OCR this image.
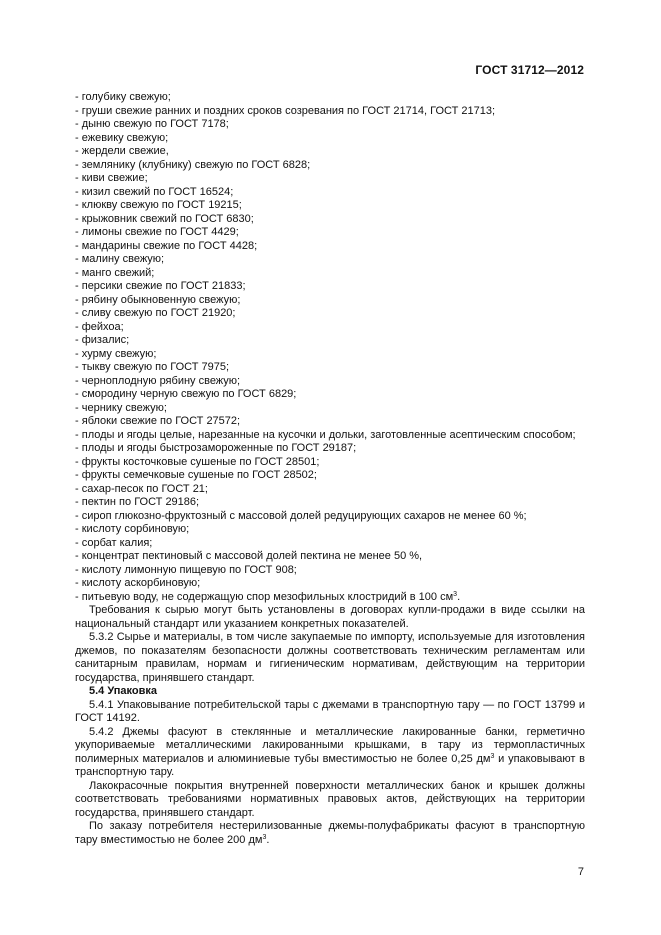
ГОСТ 31712—2012
- голубику свежую;
- груши свежие ранних и поздних сроков созревания по ГОСТ 21714, ГОСТ 21713;
- дыню свежую по ГОСТ 7178;
- ежевику свежую;
- жердели свежие,
- землянику (клубнику) свежую по ГОСТ 6828;
- киви свежие;
- кизил свежий по ГОСТ 16524;
- клюкву свежую по ГОСТ 19215;
- крыжовник свежий по ГОСТ 6830;
- лимоны свежие по ГОСТ 4429;
- мандарины свежие по ГОСТ 4428;
- малину свежую;
- манго свежий;
- персики свежие по ГОСТ 21833;
- рябину обыкновенную свежую;
- сливу свежую по ГОСТ 21920;
- фейхоа;
- физалис;
- хурму свежую;
- тыкву свежую по ГОСТ 7975;
- черноплодную рябину свежую;
- смородину черную свежую по ГОСТ 6829;
- чернику свежую;
- яблоки свежие по ГОСТ 27572;
- плоды и ягоды целые, нарезанные на кусочки и дольки, заготовленные асептическим способом;
- плоды и ягоды быстрозамороженные по ГОСТ 29187;
- фрукты косточковые сушеные по ГОСТ 28501;
- фрукты семечковые сушеные по ГОСТ 28502;
- сахар-песок по ГОСТ 21;
- пектин по ГОСТ 29186;
- сироп глюкозно-фруктозный с массовой долей редуцирующих сахаров не менее 60 %;
- кислоту сорбиновую;
- сорбат калия;
- концентрат пектиновый с массовой долей пектина не менее 50 %,
- кислоту лимонную пищевую по ГОСТ 908;
- кислоту аскорбиновую;
- питьевую воду, не содержащую спор мезофильных клостридий в 100 $см^3$.

Требования к сырью могут быть установлены в договорах купли-продажи в виде ссылки на национальный стандарт или указанием конкретных показателей.

5.3.2 Сырье и материалы, в том числе закупаемые по импорту, используемые для изготовления джемов, по показателям безопасности должны соответствовать техническим регламентам или санитарным правилам, нормам и гигиеническим нормативам, действующим на территории государства, принявшего стандарт.

5.4 Упаковка

5.4.1 Упаковывание потребительской тары с джемами в транспортную тару — по ГОСТ 13799 и ГОСТ 14192.

5.4.2 Джемы фасуют в стеклянные и металлические лакированные банки, герметично укупориваемые металлическими лакированными крышками, в тару из термопластичных полимерных материалов и алюминиевые тубы вместимостью не более 0,25 $дм^3$ и упаковывают в транспортную тару.

Лакокрасочные покрытия внутренней поверхности металлических банок и крышек должны соответствовать требованиями нормативных правовых актов, действующих на территории государства, принявшего стандарт.

По заказу потребителя нестерилизованные джемы-полуфабрикаты фасуют в транспортную тару вместимостью не более 200 $дм^3$.

7
